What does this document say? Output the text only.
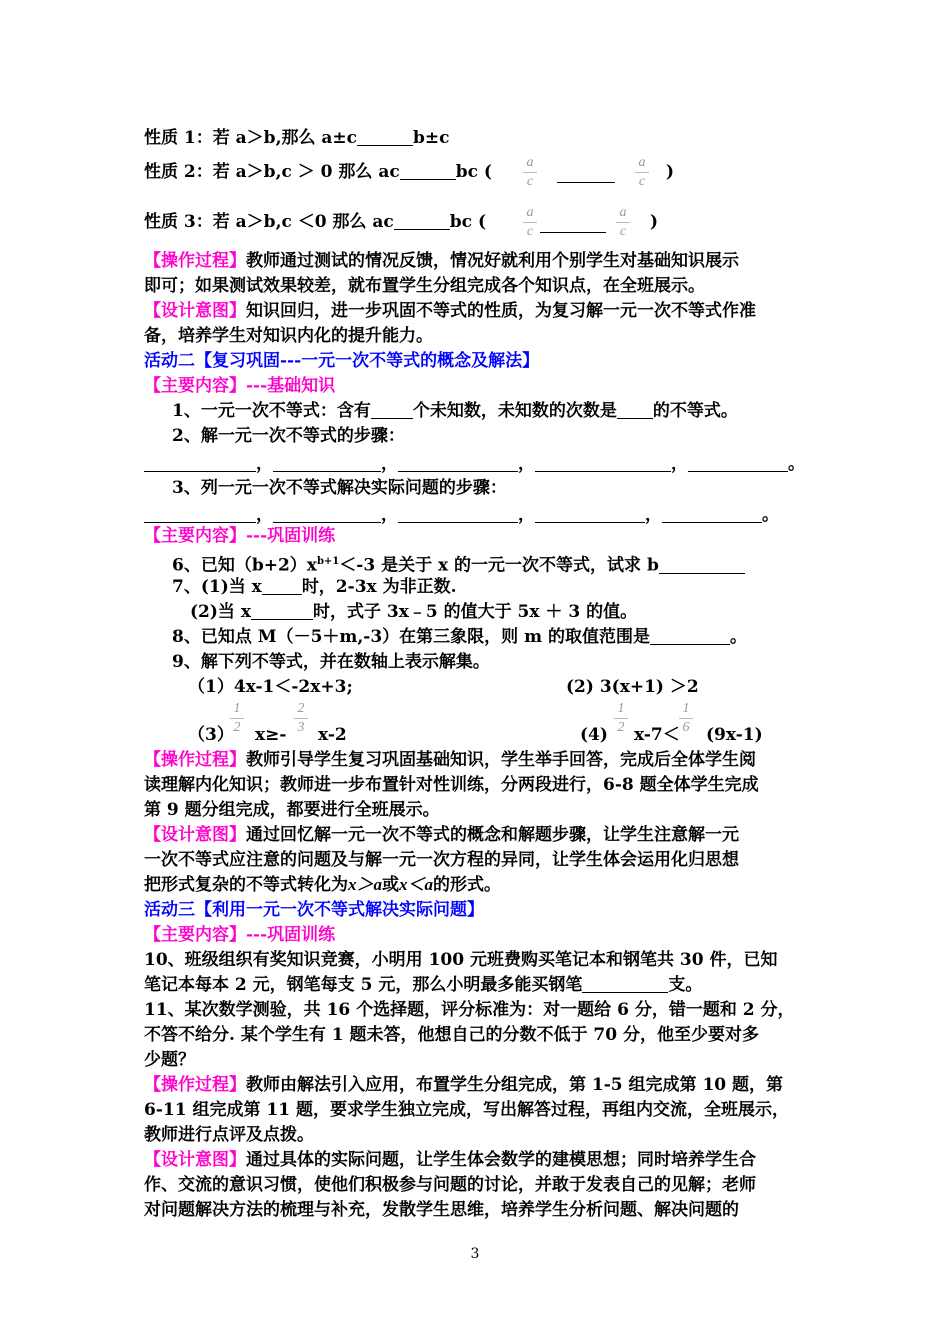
性质 1：若 a＞b,那么 a±c	b±c
性质 2：若 a＞b,c ＞ 0 那么 ac	bc ( a
c
a
c )
性质 3：若 a＞b,c ＜0 那么 ac	bc (	a
c
a
c )
【操作过程】教师通过测试的情况反馈，情况好就利用个别学生对基础知识展示
即可；如果测试效果较差，就布置学生分组完成各个知识点，在全班展示。
【设计意图】知识回归，进一步巩固不等式的性质，为复习解一元一次不等式作准
备，培养学生对知识内化的提升能力。
活动二【复习巩固---一元一次不等式的概念及解法】
【主要内容】---基础知识
1、一元一次不等式：含有 个未知数，未知数的次数是 的不等式。
2、解一元一次不等式的步骤：
，	，	，	，	。
3、列一元一次不等式解决实际问题的步骤：
，	，	，	，	。
【主要内容】---巩固训练
6、已知$(b+2)x^{b+1}<-3$ 是关于 x 的一元一次不等式，试求 b
7、(1)当 x 时，2-3x 为非正数.
(2)当 x	时，式子 3x﹣5 的值大于 5x ＋ 3 的值。
8、已知点 M（－5＋m,-3）在第三象限，则 m 的取值范围是	。
9、解下列不等式，并在数轴上表示解集。
（1）4x-1＜-2x+3;	(2) 3(x+1) ＞2
（3）
1
2 x≥-
2
3 x-2	(4)
1
2 x-7＜
1
6 (9x-1)
【操作过程】教师引导学生复习巩固基础知识，学生举手回答，完成后全体学生阅
读理解内化知识；教师进一步布置针对性训练，分两段进行，6-8 题全体学生完成
第 9 题分组完成，都要进行全班展示。
【设计意图】通过回忆解一元一次不等式的概念和解题步骤，让学生注意解一元
一次不等式应注意的问题及与解一元一次方程的异同，让学生体会运用化归思想
把形式复杂的不等式转化为x＞a或x＜a的形式。
活动三【利用一元一次不等式解决实际问题】
【主要内容】---巩固训练
10、班级组织有奖知识竞赛，小明用 100 元班费购买笔记本和钢笔共 30 件，已知
笔记本每本 2 元，钢笔每支 5 元，那么小明最多能买钢笔	支。
11、某次数学测验，共 16 个选择题，评分标准为：对一题给 6 分，错一题和 2 分，
不答不给分. 某个学生有 1 题未答，他想自己的分数不低于 70 分，他至少要对多
少题？
【操作过程】教师由解法引入应用，布置学生分组完成，第 1-5 组完成第 10 题，第
6-11 组完成第 11 题，要求学生独立完成，写出解答过程，再组内交流，全班展示，
教师进行点评及点拨。
【设计意图】通过具体的实际问题，让学生体会数学的建模思想；同时培养学生合
作、交流的意识习惯，使他们积极参与问题的讨论，并敢于发表自己的见解；老师
对问题解决方法的梳理与补充，发散学生思维，培养学生分析问题、解决问题的
3
